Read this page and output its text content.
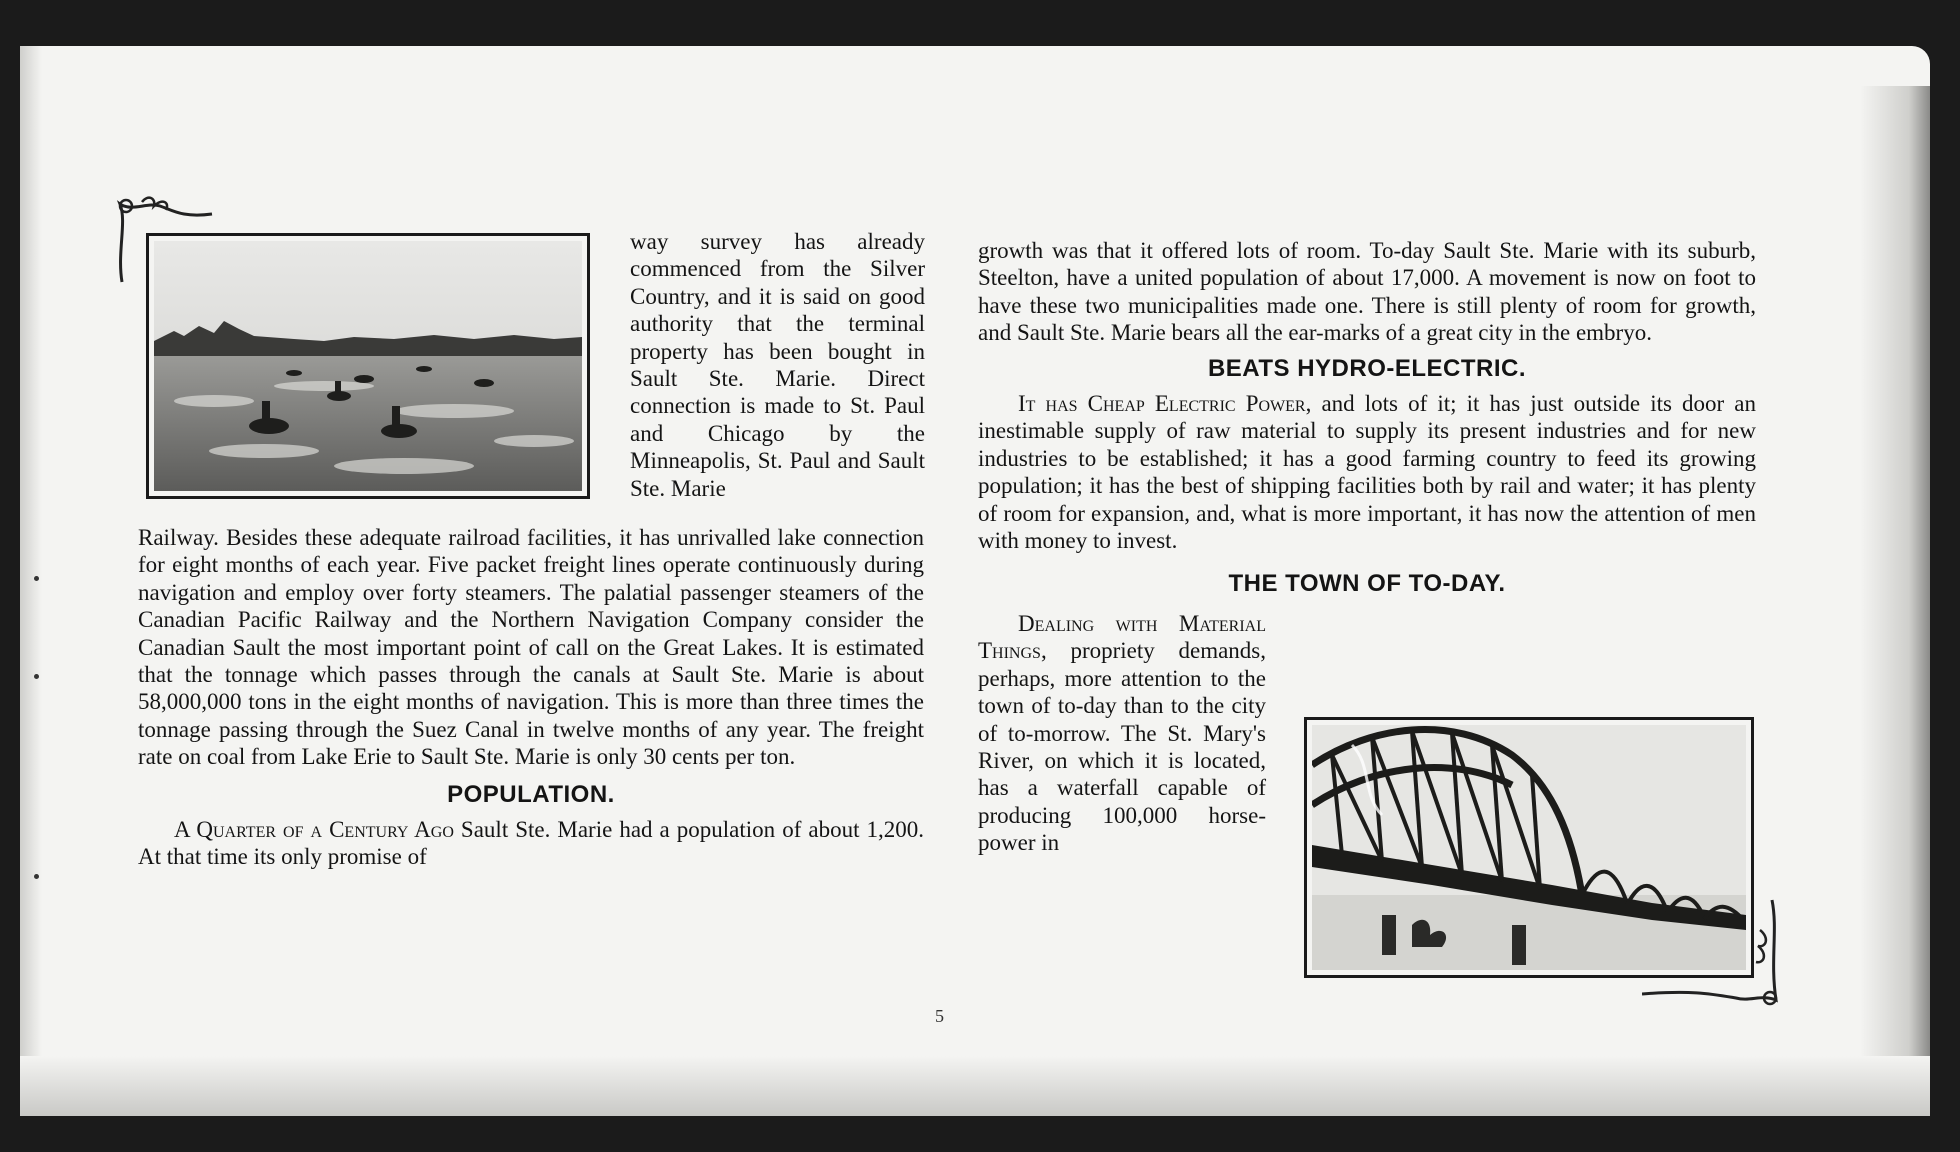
way survey has already commenced from the Silver Country, and it is said on good authority that the terminal property has been bought in Sault Ste. Marie. Direct connection is made to St. Paul and Chicago by the Minneapolis, St. Paul and Sault Ste. Marie

Railway. Besides these adequate railroad facilities, it has unrivalled lake connection for eight months of each year. Five packet freight lines operate continuously during navigation and employ over forty steamers. The palatial passenger steamers of the Canadian Pacific Railway and the Northern Navigation Company consider the Canadian Sault the most important point of call on the Great Lakes. It is estimated that the tonnage which passes through the canals at Sault Ste. Marie is about 58,000,000 tons in the eight months of navigation. This is more than three times the tonnage passing through the Suez Canal in twelve months of any year. The freight rate on coal from Lake Erie to Sault Ste. Marie is only 30 cents per ton.

POPULATION.

A Quarter of a Century Ago Sault Ste. Marie had a population of about 1,200. At that time its only promise of

growth was that it offered lots of room. To-day Sault Ste. Marie with its suburb, Steelton, have a united population of about 17,000. A movement is now on foot to have these two municipalities made one. There is still plenty of room for growth, and Sault Ste. Marie bears all the ear-marks of a great city in the embryo.

BEATS HYDRO-ELECTRIC.

It has Cheap Electric Power, and lots of it; it has just outside its door an inestimable supply of raw material to supply its present industries and for new industries to be established; it has a good farming country to feed its growing population; it has the best of shipping facilities both by rail and water; it has plenty of room for expansion, and, what is more important, it has now the attention of men with money to invest.

THE TOWN OF TO-DAY.

Dealing with Material Things, propriety demands, perhaps, more attention to the town of to-day than to the city of to-morrow. The St. Mary's River, on which it is located, has a waterfall capable of producing 100,000 horse-power in

5
